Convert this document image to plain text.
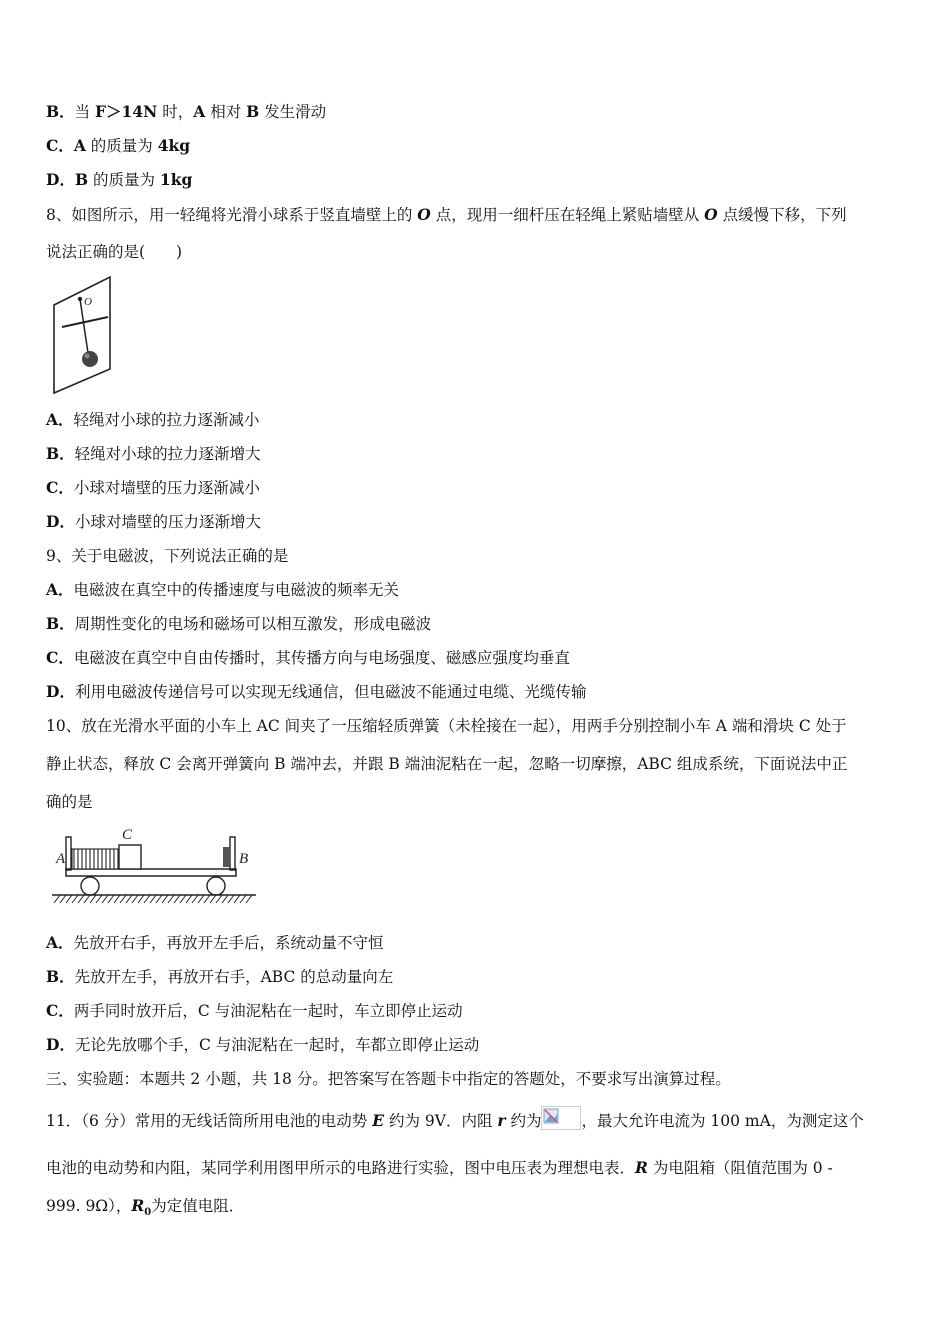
B．当 F＞14N 时，A 相对 B 发生滑动
C．A 的质量为 4kg
D．B 的质量为 1kg
8、如图所示，用一轻绳将光滑小球系于竖直墙壁上的 O 点，现用一细杆压在轻绳上紧贴墙壁从 O 点缓慢下移，下列
说法正确的是(　　)
O
A．轻绳对小球的拉力逐渐减小
B．轻绳对小球的拉力逐渐增大
C．小球对墙壁的压力逐渐减小
D．小球对墙壁的压力逐渐增大
9、关于电磁波，下列说法正确的是
A．电磁波在真空中的传播速度与电磁波的频率无关
B．周期性变化的电场和磁场可以相互激发，形成电磁波
C．电磁波在真空中自由传播时，其传播方向与电场强度、磁感应强度均垂直
D．利用电磁波传递信号可以实现无线通信，但电磁波不能通过电缆、光缆传输
10、放在光滑水平面的小车上 AC 间夹了一压缩轻质弹簧（未栓接在一起），用两手分别控制小车 A 端和滑块 C 处于
静止状态，释放 C 会离开弹簧向 B 端冲去，并跟 B 端油泥粘在一起，忽略一切摩擦，ABC 组成系统，下面说法中正
确的是
A
C
B
A．先放开右手，再放开左手后，系统动量不守恒
B．先放开左手，再放开右手，ABC 的总动量向左
C．两手同时放开后，C 与油泥粘在一起时，车立即停止运动
D．无论先放哪个手，C 与油泥粘在一起时，车都立即停止运动
三、实验题：本题共 2 小题，共 18 分。把答案写在答题卡中指定的答题处，不要求写出演算过程。
11．（6 分）常用的无线话筒所用电池的电动势 E 约为 9V．内阻 r 约为	，最大允许电流为 100 mA，为测定这个
电池的电动势和内阻，某同学利用图甲所示的电路进行实验，图中电压表为理想电表．R 为电阻箱（阻值范围为 0 -
999. 9Ω），$R_0$为定值电阻．
